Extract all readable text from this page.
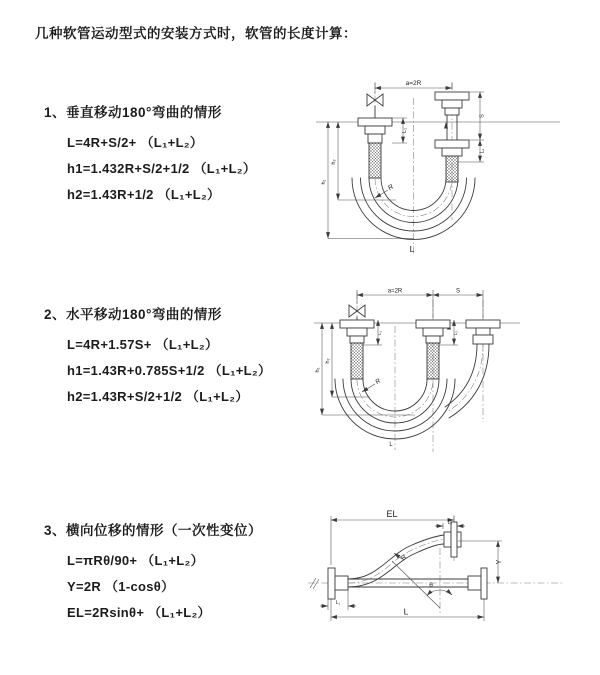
几种软管运动型式的安装方式时，软管的长度计算：
1、垂直移动180°弯曲的情形
L=4R+S/2+ （L₁+L₂）
h1=1.432R+S/2+1/2 （L₁+L₂）
h2=1.43R+1/2 （L₁+L₂）
2、水平移动180°弯曲的情形
L=4R+1.57S+ （L₁+L₂）
h1=1.43R+0.785S+1/2 （L₁+L₂）
h2=1.43R+S/2+1/2 （L₁+L₂）
3、横向位移的情形（一次性变位）
L=πRθ/90+ （L₁+L₂）
Y=2R （1-cosθ）
EL=2Rsinθ+ （L₁+L₂）
a=2R
L₁
S
L₂
h₁
h₂
R
L
a=2R	S
L₁	L₂
h₁
h₂
R
L
EL
L₂
Y
θ
R
L
L₁
